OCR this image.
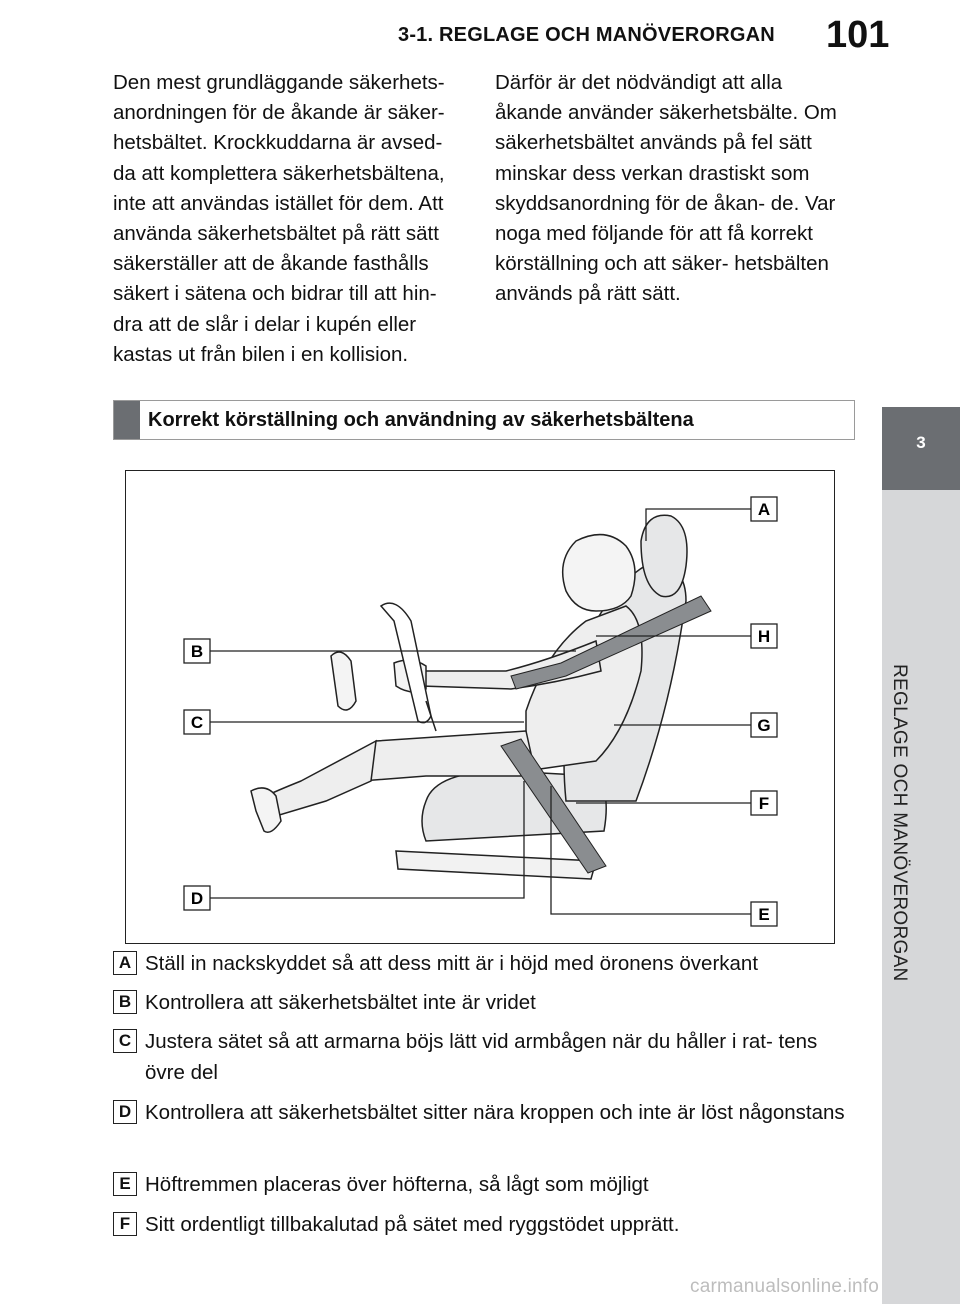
3-1. REGLAGE OCH MANÖVERORGAN 101
3
REGLAGE OCH MANÖVERORGAN

Den mest grundläggande säkerhets- anordningen för de åkande är säker- hetsbältet. Krockkuddarna är avsed- da att komplettera säkerhetsbältena, inte att användas istället för dem. Att använda säkerhetsbältet på rätt sätt säkerställer att de åkande fasthålls säkert i sätena och bidrar till att hin- dra att de slår i delar i kupén eller kastas ut från bilen i en kollision.

Därför är det nödvändigt att alla åkande använder säkerhetsbälte. Om säkerhetsbältet används på fel sätt minskar dess verkan drastiskt som skyddsanordning för de åkan- de. Var noga med följande för att få korrekt körställning och att säker- hetsbälten används på rätt sätt.

Korrekt körställning och användning av säkerhetsbältena
A
B
C
D
E
F
G
H
A Ställ in nackskyddet så att dess mitt är i höjd med öronens överkant
B Kontrollera att säkerhetsbältet inte är vridet
C Justera sätet så att armarna böjs lätt vid armbågen när du håller i rat- tens övre del
D Kontrollera att säkerhetsbältet sitter nära kroppen och inte är löst någonstans
E Höftremmen placeras över höfterna, så lågt som möjligt
F Sitt ordentligt tillbakalutad på sätet med ryggstödet upprätt.
carmanualsonline.info
